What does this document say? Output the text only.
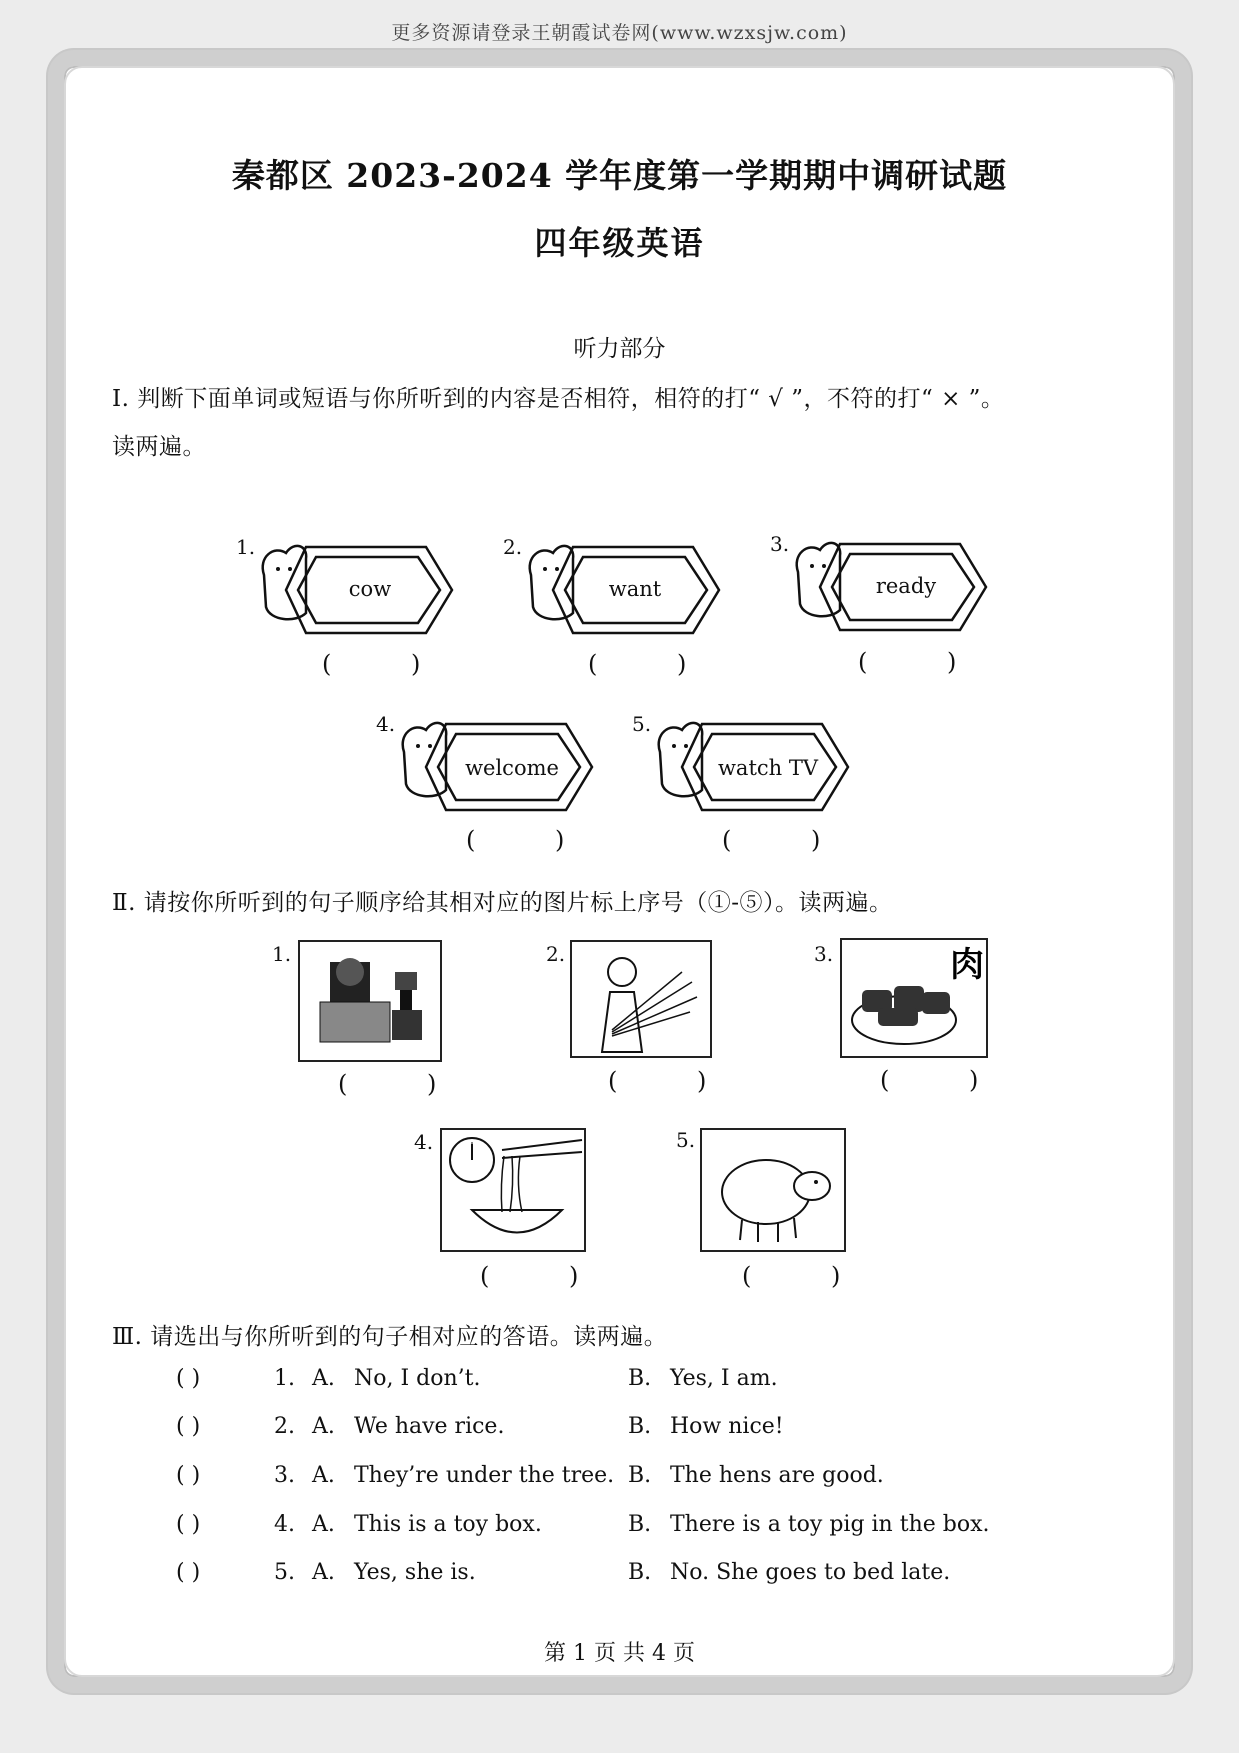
更多资源请登录王朝霞试卷网(www.wzxsjw.com)
秦都区 2023-2024 学年度第一学期期中调研试题
四年级英语
听力部分
Ⅰ. 判断下面单词或短语与你所听到的内容是否相符，相符的打“ √ ”，不符的打“ × ”。
读两遍。
1.
cow
( )
2.
want
( )
3.
ready
( )
4.
welcome
( )
5.
watch TV
( )
Ⅱ. 请按你所听到的句子顺序给其相对应的图片标上序号（①-⑤）。读两遍。
1.
( )
2.
( )
3.	肉
( )
4.
( )
5.
( )
Ⅲ. 请选出与你所听到的句子相对应的答语。读两遍。
( )	1. A. No, I don’t.	B. Yes, I am.
( )	2. A. We have rice.	B. How nice!
( )	3. A. They’re under the tree. B. The hens are good.
( )	4. A. This is a toy box.	B. There is a toy pig in the box.
( )	5. A. Yes, she is.	B. No. She goes to bed late.
第 1 页 共 4 页
